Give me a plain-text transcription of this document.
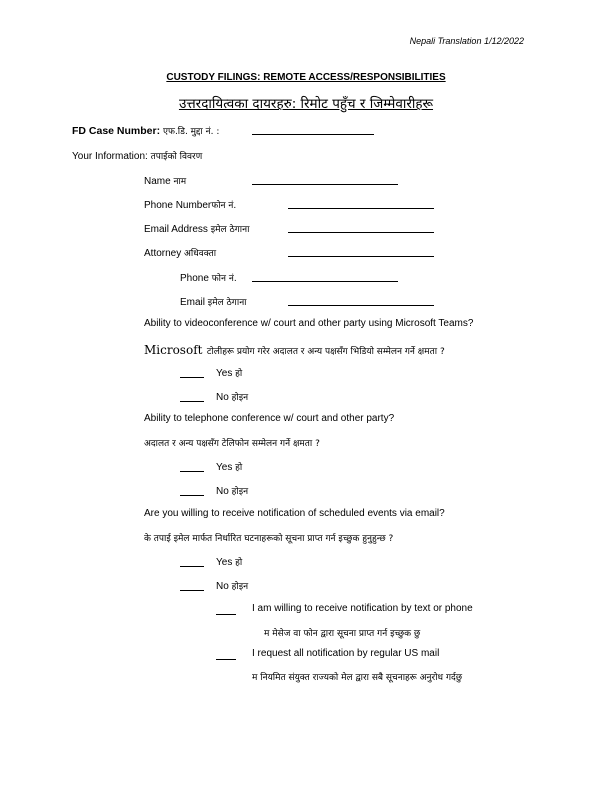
Nepali Translation 1/12/2022
CUSTODY FILINGS: REMOTE ACCESS/RESPONSIBILITIES
उत्तरदायित्वका दायरहरु: रिमोट पहुँच र जिम्मेवारीहरू
FD Case Number: एफ.डि. मुद्दा नं. :
Your Information: तपाईको विवरण
Name नाम
Phone Numberफोन नं.
Email Address इमेल ठेगाना
Attorney अधिवक्ता
Phone फोन नं.
Email इमेल ठेगाना
Ability to videoconference w/ court and other party using Microsoft Teams?
Microsoft टोलीहरू प्रयोग गरेर अदालत र अन्य पक्षसँग भिडियो सम्मेलन गर्ने क्षमता ?
Yes हो
No होइन
Ability to telephone conference w/ court and other party?
अदालत र अन्य पक्षसँग टेलिफोन सम्मेलन गर्ने क्षमता ?
Yes हो
No होइन
Are you willing to receive notification of scheduled events via email?
के तपाई इमेल मार्फत निर्धारित घटनाहरूको सूचना प्राप्त गर्न इच्छुक हुनुहुन्छ ?
Yes हो
No होइन
I am willing to receive notification by text or phone
म मेसेज वा फोन द्वारा सूचना प्राप्त गर्न इच्छुक छु
I request all notification by regular US mail
म नियमित संयुक्त राज्यको मेल द्वारा सबै सूचनाहरू अनुरोध गर्दछु
